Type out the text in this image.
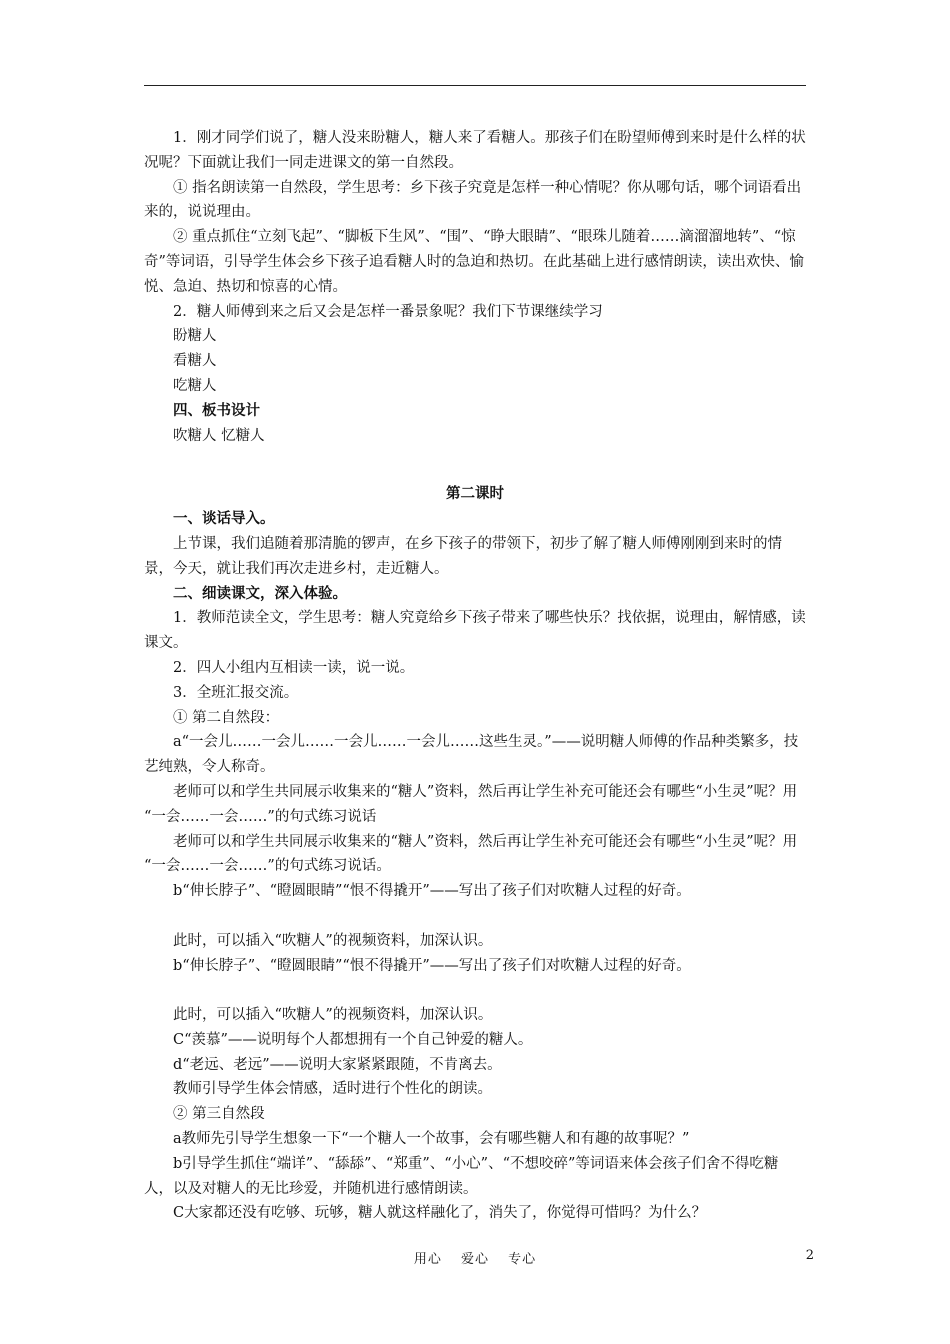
1．刚才同学们说了，糖人没来盼糖人，糖人来了看糖人。那孩子们在盼望师傅到来时是什么样的状况呢？下面就让我们一同走进课文的第一自然段。
① 指名朗读第一自然段，学生思考：乡下孩子究竟是怎样一种心情呢？你从哪句话，哪个词语看出来的，说说理由。
② 重点抓住“立刻飞起”、“脚板下生风”、“围”、“睁大眼睛”、“眼珠儿随着……滴溜溜地转”、“惊奇”等词语，引导学生体会乡下孩子追看糖人时的急迫和热切。在此基础上进行感情朗读，读出欢快、愉悦、急迫、热切和惊喜的心情。
2．糖人师傅到来之后又会是怎样一番景象呢？我们下节课继续学习
盼糖人
看糖人
吃糖人
四、板书设计
吹糖人 忆糖人
第二课时
一、谈话导入。
上节课，我们追随着那清脆的锣声，在乡下孩子的带领下，初步了解了糖人师傅刚刚到来时的情景，今天，就让我们再次走进乡村，走近糖人。
二、细读课文，深入体验。
1．教师范读全文，学生思考：糖人究竟给乡下孩子带来了哪些快乐？找依据，说理由，解情感，读课文。
2．四人小组内互相读一读，说一说。
3．全班汇报交流。
① 第二自然段：
a“一会儿……一会儿……一会儿……一会儿……这些生灵。”——说明糖人师傅的作品种类繁多，技艺纯熟，令人称奇。
老师可以和学生共同展示收集来的“糖人”资料，然后再让学生补充可能还会有哪些“小生灵”呢？用 “一会……一会……”的句式练习说话
老师可以和学生共同展示收集来的“糖人”资料，然后再让学生补充可能还会有哪些“小生灵”呢？用 “一会……一会……”的句式练习说话。
b“伸长脖子”、“瞪圆眼睛”“恨不得撬开”——写出了孩子们对吹糖人过程的好奇。
此时，可以插入“吹糖人”的视频资料，加深认识。
b“伸长脖子”、“瞪圆眼睛”“恨不得撬开”——写出了孩子们对吹糖人过程的好奇。
此时，可以插入“吹糖人”的视频资料，加深认识。
C“羡慕”——说明每个人都想拥有一个自己钟爱的糖人。
d“老远、老远”——说明大家紧紧跟随，不肯离去。
教师引导学生体会情感，适时进行个性化的朗读。
② 第三自然段
a教师先引导学生想象一下“一个糖人一个故事，会有哪些糖人和有趣的故事呢？”
b引导学生抓住“端详”、“舔舔”、“郑重”、“小心”、“不想咬碎”等词语来体会孩子们舍不得吃糖人，以及对糖人的无比珍爱，并随机进行感情朗读。
C大家都还没有吃够、玩够，糖人就这样融化了，消失了，你觉得可惜吗？为什么？
用心　 爱心　 专心	2
